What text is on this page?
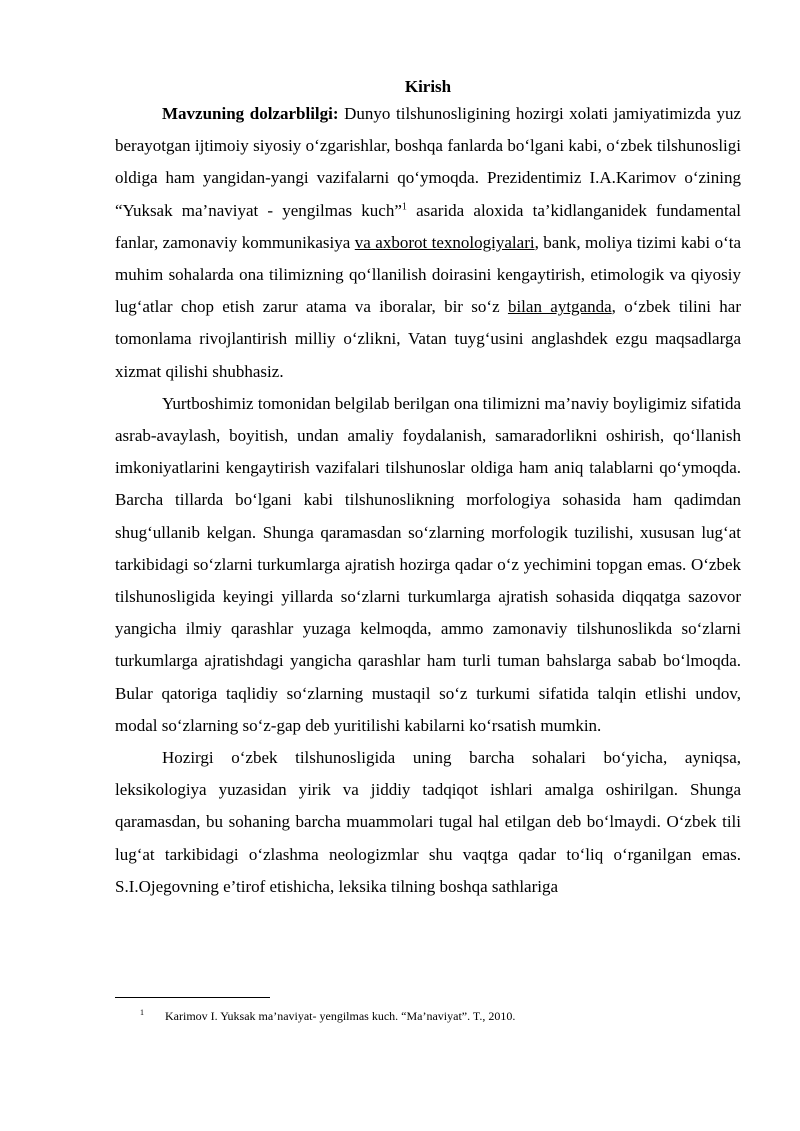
Kirish

Mavzuning dolzarblilgi: Dunyo tilshunosligining hozirgi xolati jamiyatimizda yuz berayotgan ijtimoiy siyosiy o‘zgarishlar, boshqa fanlarda bo‘lgani kabi, o‘zbek tilshunosligi oldiga ham yangidan-yangi vazifalarni qo‘ymoqda. Prezidentimiz I.A.Karimov o‘zining “Yuksak ma’naviyat - yengilmas kuch”$^1$ asarida aloxida ta’kidlanganidek fundamental fanlar, zamonaviy kommunikasiya va axborot texnologiyalari, bank, moliya tizimi kabi o‘ta muhim sohalarda ona tilimizning qo‘llanilish doirasini kengaytirish, etimologik va qiyosiy lug‘atlar chop etish zarur atama va iboralar, bir so‘z bilan aytganda, o‘zbek tilini har tomonlama rivojlantirish milliy o‘zlikni, Vatan tuyg‘usini anglashdek ezgu maqsadlarga xizmat qilishi shubhasiz.

Yurtboshimiz tomonidan belgilab berilgan ona tilimizni ma’naviy boyligimiz sifatida asrab-avaylash, boyitish, undan amaliy foydalanish, samaradorlikni oshirish, qo‘llanish imkoniyatlarini kengaytirish vazifalari tilshunoslar oldiga ham aniq talablarni qo‘ymoqda. Barcha tillarda bo‘lgani kabi tilshunoslikning morfologiya sohasida ham qadimdan shug‘ullanib kelgan. Shunga qaramasdan so‘zlarning morfologik tuzilishi, xususan lug‘at tarkibidagi so‘zlarni turkumlarga ajratish hozirga qadar o‘z yechimini topgan emas. O‘zbek tilshunosligida keyingi yillarda so‘zlarni turkumlarga ajratish sohasida diqqatga sazovor yangicha ilmiy qarashlar yuzaga kelmoqda, ammo zamonaviy tilshunoslikda so‘zlarni turkumlarga ajratishdagi yangicha qarashlar ham turli tuman bahslarga sabab bo‘lmoqda. Bular qatoriga taqlidiy so‘zlarning mustaqil so‘z turkumi sifatida talqin etlishi undov, modal so‘zlarning so‘z-gap deb yuritilishi kabilarni ko‘rsatish mumkin.

Hozirgi o‘zbek tilshunosligida uning barcha sohalari bo‘yicha, ayniqsa, leksikologiya yuzasidan yirik va jiddiy tadqiqot ishlari amalga oshirilgan. Shunga qaramasdan, bu sohaning barcha muammolari tugal hal etilgan deb bo‘lmaydi. O‘zbek tili lug‘at tarkibidagi o‘zlashma neologizmlar shu vaqtga qadar to‘liq o‘rganilgan emas. S.I.Ojegovning e’tirof etishicha, leksika tilning boshqa sathlariga

1 Karimov I. Yuksak ma’naviyat- yengilmas kuch. “Ma’naviyat”. T., 2010.
